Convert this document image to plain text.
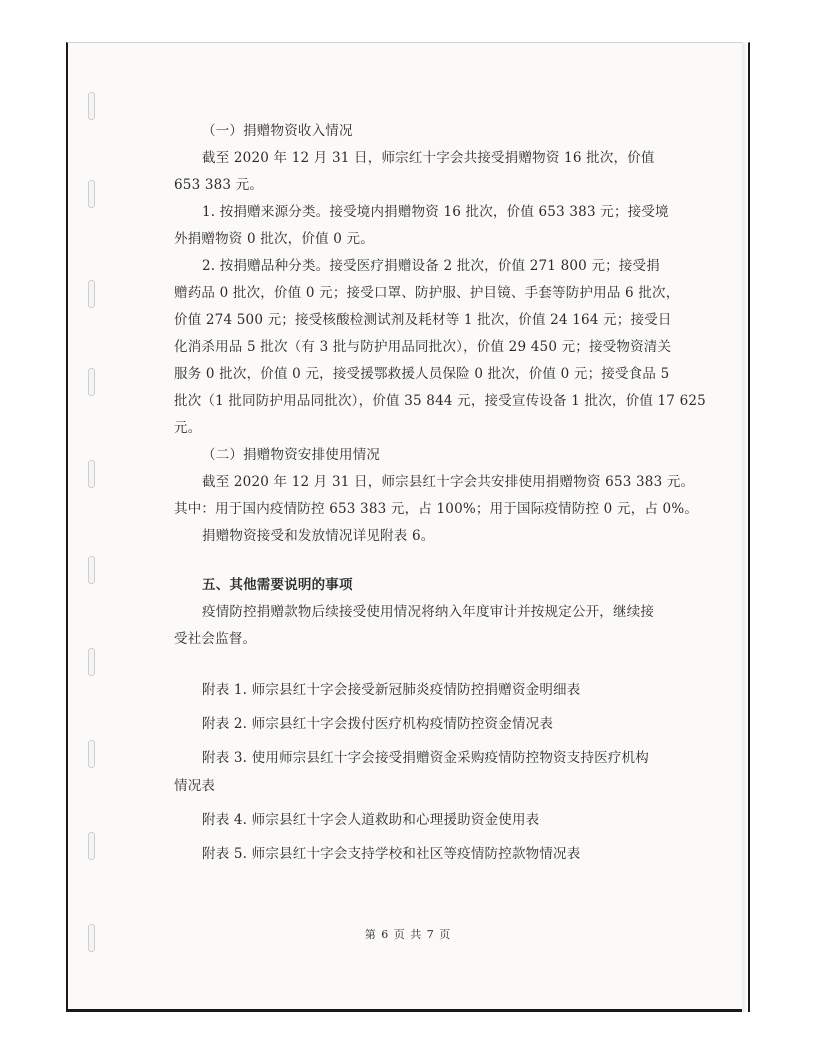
（一）捐赠物资收入情况

截至 2020 年 12 月 31 日，师宗红十字会共接受捐赠物资 16 批次，价值

653 383 元。

1. 按捐赠来源分类。接受境内捐赠物资 16 批次，价值 653 383 元；接受境

外捐赠物资 0 批次，价值 0 元。

2. 按捐赠品种分类。接受医疗捐赠设备 2 批次，价值 271 800 元；接受捐

赠药品 0 批次，价值 0 元；接受口罩、防护服、护目镜、手套等防护用品 6 批次，

价值 274 500 元；接受核酸检测试剂及耗材等 1 批次，价值 24 164 元；接受日

化消杀用品 5 批次（有 3 批与防护用品同批次），价值 29 450 元；接受物资清关

服务 0 批次，价值 0 元，接受援鄂救援人员保险 0 批次，价值 0 元；接受食品 5

批次（1 批同防护用品同批次），价值 35 844 元，接受宣传设备 1 批次，价值 17 625

元。

（二）捐赠物资安排使用情况

截至 2020 年 12 月 31 日，师宗县红十字会共安排使用捐赠物资 653 383 元。

其中：用于国内疫情防控 653 383 元，占 100%；用于国际疫情防控 0 元，占 0%。

捐赠物资接受和发放情况详见附表 6。

五、其他需要说明的事项

疫情防控捐赠款物后续接受使用情况将纳入年度审计并按规定公开，继续接

受社会监督。

附表 1. 师宗县红十字会接受新冠肺炎疫情防控捐赠资金明细表

附表 2. 师宗县红十字会拨付医疗机构疫情防控资金情况表

附表 3. 使用师宗县红十字会接受捐赠资金采购疫情防控物资支持医疗机构

情况表

附表 4. 师宗县红十字会人道救助和心理援助资金使用表

附表 5. 师宗县红十字会支持学校和社区等疫情防控款物情况表

第 6 页 共 7 页
